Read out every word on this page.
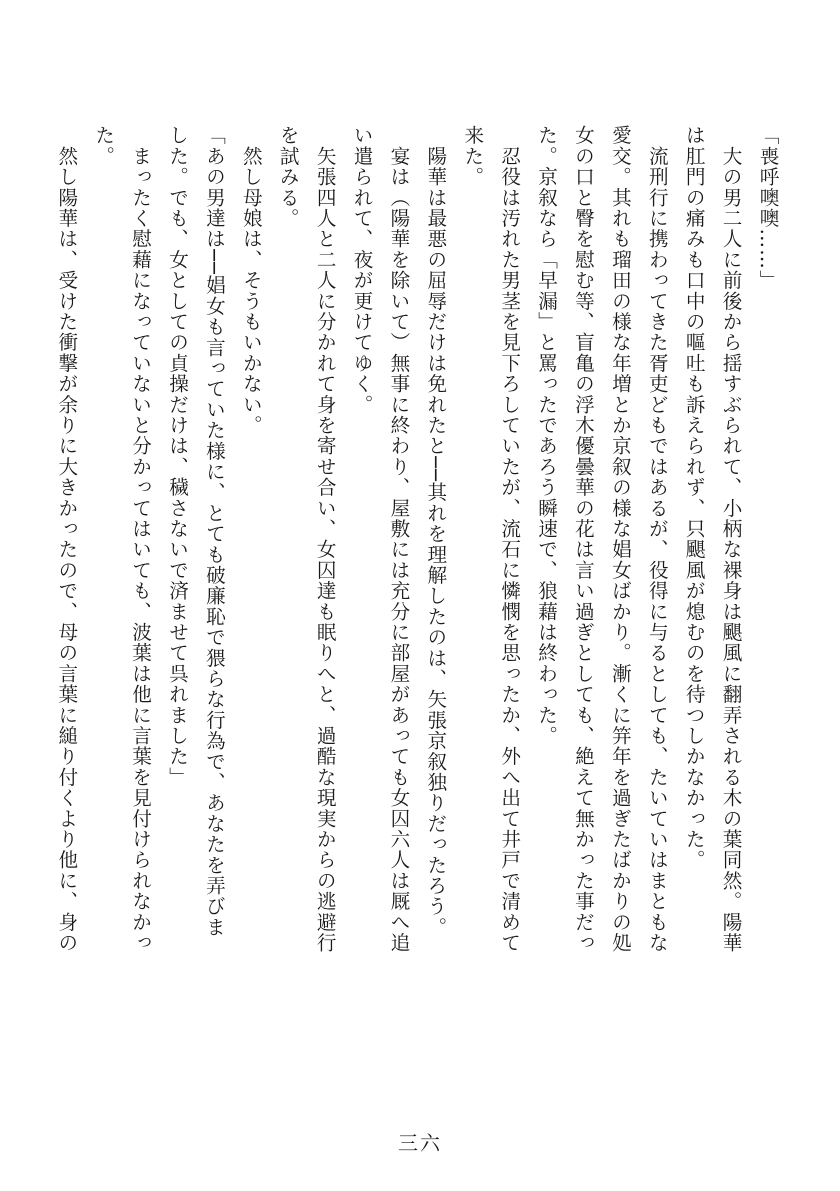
「喪呼噢噢……」

　大の男二人に前後から揺すぶられて、小柄な裸身は颶風に翻弄される木の葉同然。陽華

は肛門の痛みも口中の嘔吐も訴えられず、只颶風が熄むのを待つしかなかった。

　流刑行に携わってきた胥吏どもではあるが、役得に与るとしても、たいていはまともな

愛交。其れも瑠田の様な年増とか京叙の様な娼女ばかり。漸くに笄年を過ぎたばかりの処

女の口と臀を慰む等、盲亀の浮木優曇華の花は言い過ぎとしても、絶えて無かった事だっ

た。京叙なら「早漏」と罵ったであろう瞬速で、狼藉は終わった。

　忍役は汚れた男茎を見下ろしていたが、流石に憐憫を思ったか、外へ出て井戸で清めて

来た。

　陽華は最悪の屈辱だけは免れたと──其れを理解したのは、矢張京叙独りだったろう。

　宴は（陽華を除いて）無事に終わり、屋敷には充分に部屋があっても女囚六人は厩へ追

い遣られて、夜が更けてゆく。

　矢張四人と二人に分かれて身を寄せ合い、女囚達も眠りへと、過酷な現実からの逃避行

を試みる。

　然し母娘は、そうもいかない。

「あの男達は──娼女も言っていた様に、とても破廉恥で猥らな行為で、あなたを弄びま

した。でも、女としての貞操だけは、穢さないで済ませて呉れました」

　まったく慰藉になっていないと分かってはいても、波葉は他に言葉を見付けられなかっ

た。

　然し陽華は、受けた衝撃が余りに大きかったので、母の言葉に縋り付くより他に、身の

三六
